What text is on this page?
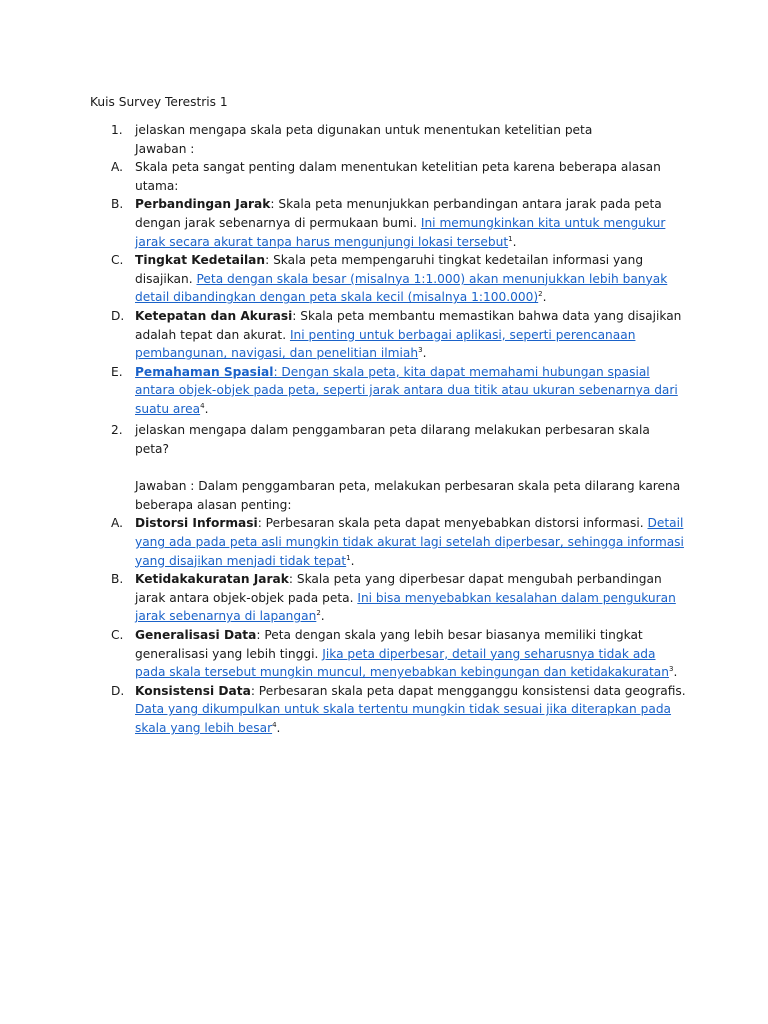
Kuis Survey Terestris 1
1. jelaskan mengapa skala peta digunakan untuk menentukan ketelitian peta
Jawaban :
A. Skala peta sangat penting dalam menentukan ketelitian peta karena beberapa alasan utama:
B. Perbandingan Jarak: Skala peta menunjukkan perbandingan antara jarak pada peta dengan jarak sebenarnya di permukaan bumi. Ini memungkinkan kita untuk mengukur jarak secara akurat tanpa harus mengunjungi lokasi tersebut$^1$.
C. Tingkat Kedetailan: Skala peta mempengaruhi tingkat kedetailan informasi yang disajikan. Peta dengan skala besar (misalnya 1:1.000) akan menunjukkan lebih banyak detail dibandingkan dengan peta skala kecil (misalnya 1:100.000)$^2$.
D. Ketepatan dan Akurasi: Skala peta membantu memastikan bahwa data yang disajikan adalah tepat dan akurat. Ini penting untuk berbagai aplikasi, seperti perencanaan pembangunan, navigasi, dan penelitian ilmiah$^3$.
E. Pemahaman Spasial: Dengan skala peta, kita dapat memahami hubungan spasial antara objek-objek pada peta, seperti jarak antara dua titik atau ukuran sebenarnya dari suatu area$^4$.
2. jelaskan mengapa dalam penggambaran peta dilarang melakukan perbesaran skala peta?
Jawaban : Dalam penggambaran peta, melakukan perbesaran skala peta dilarang karena beberapa alasan penting:
A. Distorsi Informasi: Perbesaran skala peta dapat menyebabkan distorsi informasi. Detail yang ada pada peta asli mungkin tidak akurat lagi setelah diperbesar, sehingga informasi yang disajikan menjadi tidak tepat$^1$.
B. Ketidakakuratan Jarak: Skala peta yang diperbesar dapat mengubah perbandingan jarak antara objek-objek pada peta. Ini bisa menyebabkan kesalahan dalam pengukuran jarak sebenarnya di lapangan$^2$.
C. Generalisasi Data: Peta dengan skala yang lebih besar biasanya memiliki tingkat generalisasi yang lebih tinggi. Jika peta diperbesar, detail yang seharusnya tidak ada pada skala tersebut mungkin muncul, menyebabkan kebingungan dan ketidakakuratan$^3$.
D. Konsistensi Data: Perbesaran skala peta dapat mengganggu konsistensi data geografis. Data yang dikumpulkan untuk skala tertentu mungkin tidak sesuai jika diterapkan pada skala yang lebih besar$^4$.
